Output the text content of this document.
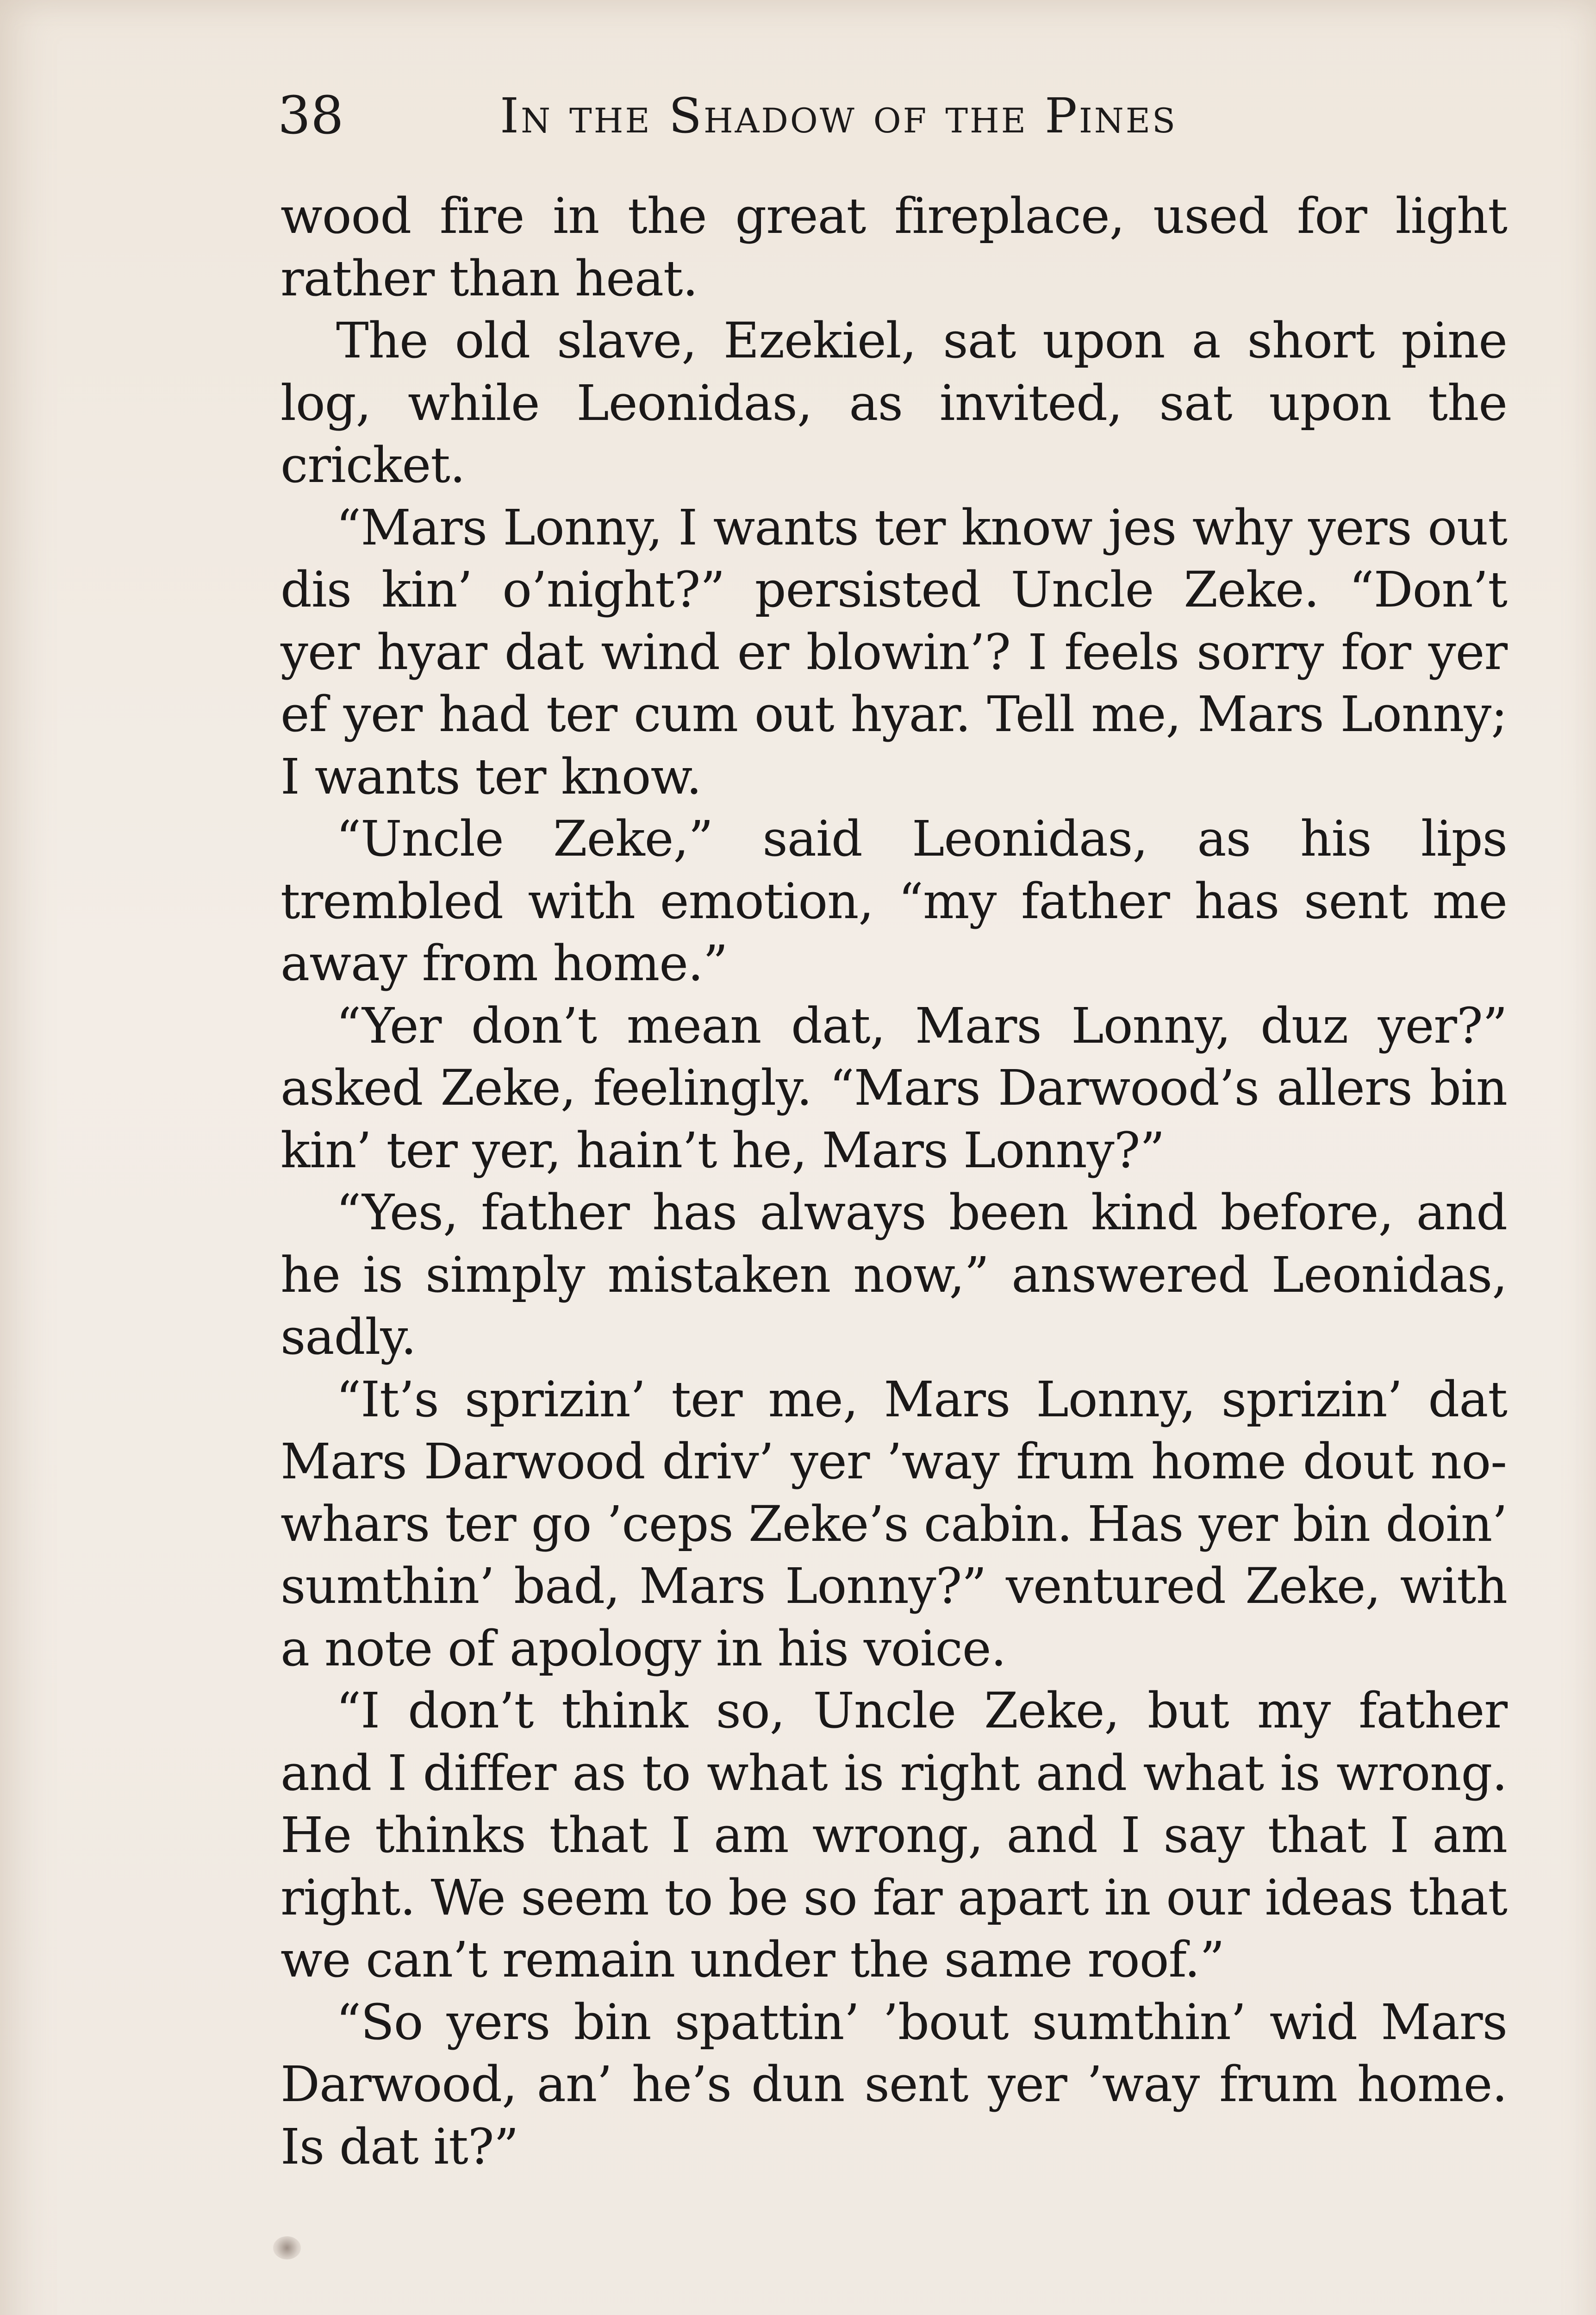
38	In the Shadow of the Pines

wood fire in the great fireplace, used for light rather than heat.

The old slave, Ezekiel, sat upon a short pine log, while Leonidas, as invited, sat upon the cricket.

“Mars Lonny, I wants ter know jes why yers out dis kin’ o’night?” persisted Uncle Zeke. “Don’t yer hyar dat wind er blowin’? I feels sorry for yer ef yer had ter cum out hyar. Tell me, Mars Lonny; I wants ter know.

“Uncle Zeke,” said Leonidas, as his lips trembled with emotion, “my father has sent me away from home.”

“Yer don’t mean dat, Mars Lonny, duz yer?” asked Zeke, feelingly. “Mars Darwood’s allers bin kin’ ter yer, hain’t he, Mars Lonny?”

“Yes, father has always been kind before, and he is simply mistaken now,” answered Leonidas, sadly.

“It’s sprizin’ ter me, Mars Lonny, sprizin’ dat Mars Darwood driv’ yer ’way frum home dout nowhars ter go ’ceps Zeke’s cabin. Has yer bin doin’ sumthin’ bad, Mars Lonny?” ventured Zeke, with a note of apology in his voice.

“I don’t think so, Uncle Zeke, but my father and I differ as to what is right and what is wrong. He thinks that I am wrong, and I say that I am right. We seem to be so far apart in our ideas that we can’t remain under the same roof.”

“So yers bin spattin’ ’bout sumthin’ wid Mars Darwood, an’ he’s dun sent yer ’way frum home. Is dat it?”
